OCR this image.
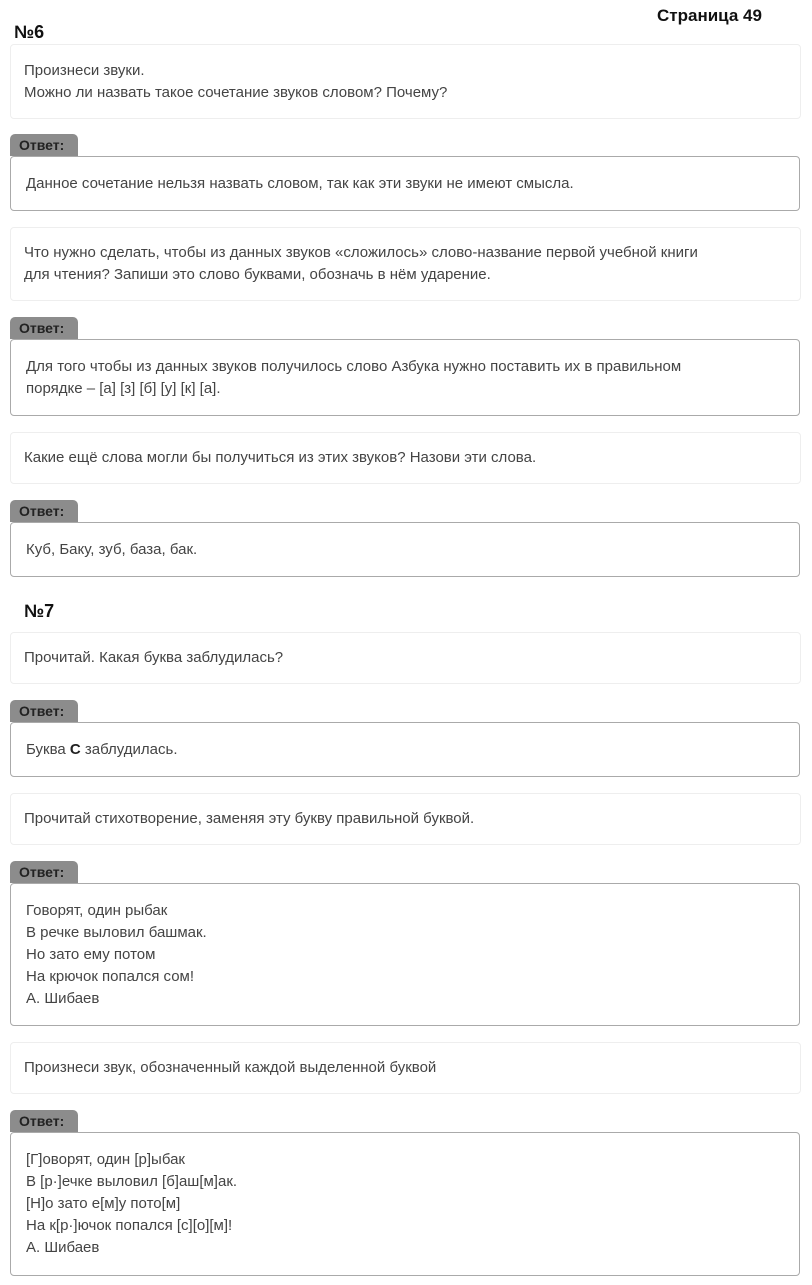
Страница 49
№6
Произнеси звуки.
Можно ли назвать такое сочетание звуков словом? Почему?
Ответ:
Данное сочетание нельзя назвать словом, так как эти звуки не имеют смысла.
Что нужно сделать, чтобы из данных звуков «сложилось» слово-название первой учебной книги
для чтения? Запиши это слово буквами, обозначь в нём ударение.
Ответ:
Для того чтобы из данных звуков получилось слово Азбука нужно поставить их в правильном
порядке – [а] [з] [б] [у] [к] [а].
Какие ещё слова могли бы получиться из этих звуков? Назови эти слова.
Ответ:
Куб, Баку, зуб, база, бак.
№7
Прочитай. Какая буква заблудилась?
Ответ:
Буква С заблудилась.
Прочитай стихотворение, заменяя эту букву правильной буквой.
Ответ:
Говорят, один рыбак
В речке выловил башмак.
Но зато ему потом
На крючок попался сом!
А. Шибаев
Произнеси звук, обозначенный каждой выделенной буквой
Ответ:
[Г]оворят, один [р]ыбак
В [р·]ечке выловил [б]аш[м]ак.
[Н]о зато е[м]у пото[м]
На к[р·]ючок попался [с][о][м]!
А. Шибаев
